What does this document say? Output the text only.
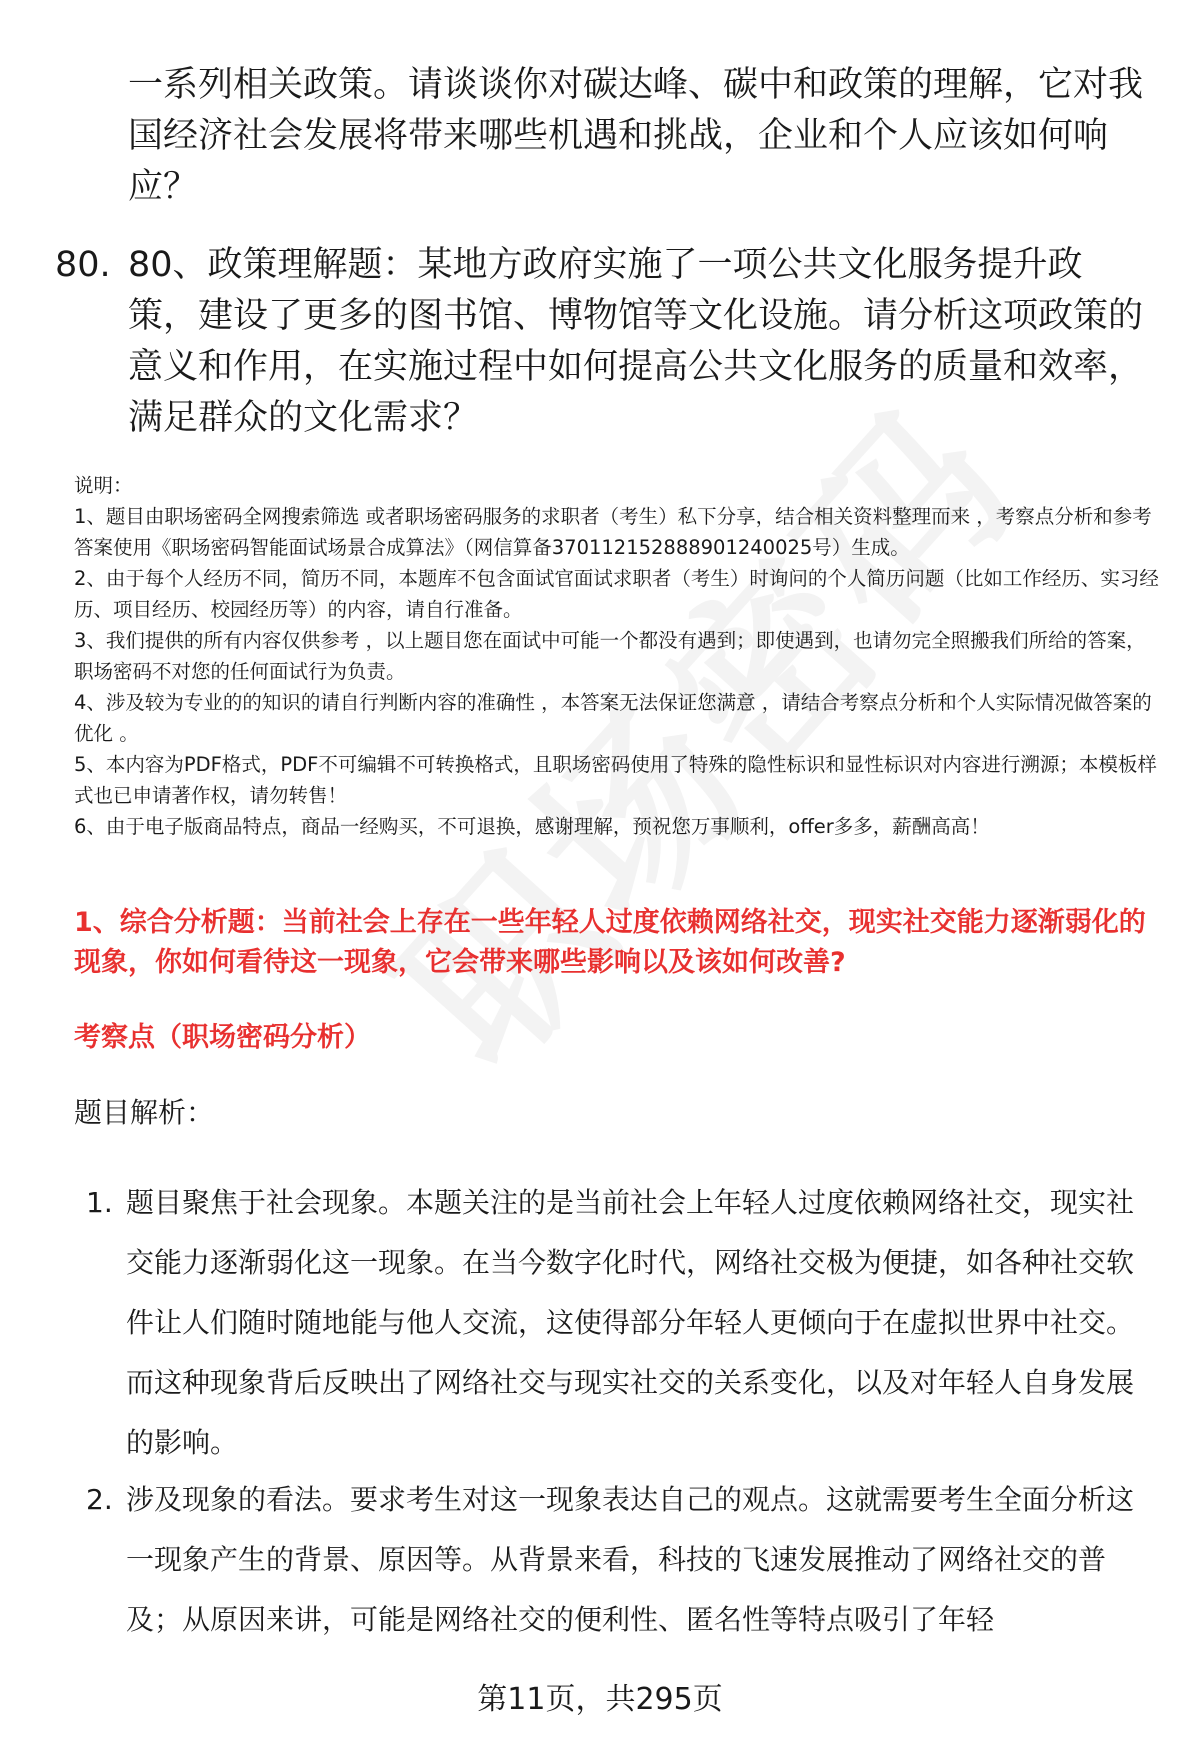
一系列相关政策。请谈谈你对碳达峰、碳中和政策的理解，它对我国经济社会发展将带来哪些机遇和挑战，企业和个人应该如何响应？
80. 80、政策理解题：某地方政府实施了一项公共文化服务提升政策，建设了更多的图书馆、博物馆等文化设施。请分析这项政策的意义和作用，在实施过程中如何提高公共文化服务的质量和效率，满足群众的文化需求？

说明：

1、题目由职场密码全网搜索筛选 或者职场密码服务的求职者（考生）私下分享，结合相关资料整理而来 ，考察点分析和参考答案使用《职场密码智能面试场景合成算法》（网信算备370112152888901240025号）生成。

2、由于每个人经历不同，简历不同，本题库不包含面试官面试求职者（考生）时询问的个人简历问题（比如工作经历、实习经历、项目经历、校园经历等）的内容，请自行准备。

3、我们提供的所有内容仅供参考 ，以上题目您在面试中可能一个都没有遇到；即使遇到，也请勿完全照搬我们所给的答案，职场密码不对您的任何面试行为负责。

4、涉及较为专业的的知识的请自行判断内容的准确性 ，本答案无法保证您满意 ，请结合考察点分析和个人实际情况做答案的优化 。

5、本内容为PDF格式，PDF不可编辑不可转换格式，且职场密码使用了特殊的隐性标识和显性标识对内容进行溯源；本模板样式也已申请著作权，请勿转售！

6、由于电子版商品特点，商品一经购买，不可退换，感谢理解，预祝您万事顺利，offer多多，薪酬高高！

1、综合分析题：当前社会上存在一些年轻人过度依赖网络社交，现实社交能力逐渐弱化的现象，你如何看待这一现象，它会带来哪些影响以及该如何改善?
考察点（职场密码分析）
题目解析：
1. 题目聚焦于社会现象。本题关注的是当前社会上年轻人过度依赖网络社交，现实社交能力逐渐弱化这一现象。在当今数字化时代，网络社交极为便捷，如各种社交软件让人们随时随地能与他人交流，这使得部分年轻人更倾向于在虚拟世界中社交。而这种现象背后反映出了网络社交与现实社交的关系变化，以及对年轻人自身发展的影响。
2. 涉及现象的看法。要求考生对这一现象表达自己的观点。这就需要考生全面分析这一现象产生的背景、原因等。从背景来看，科技的飞速发展推动了网络社交的普及；从原因来讲，可能是网络社交的便利性、匿名性等特点吸引了年轻
第11页，共295页
